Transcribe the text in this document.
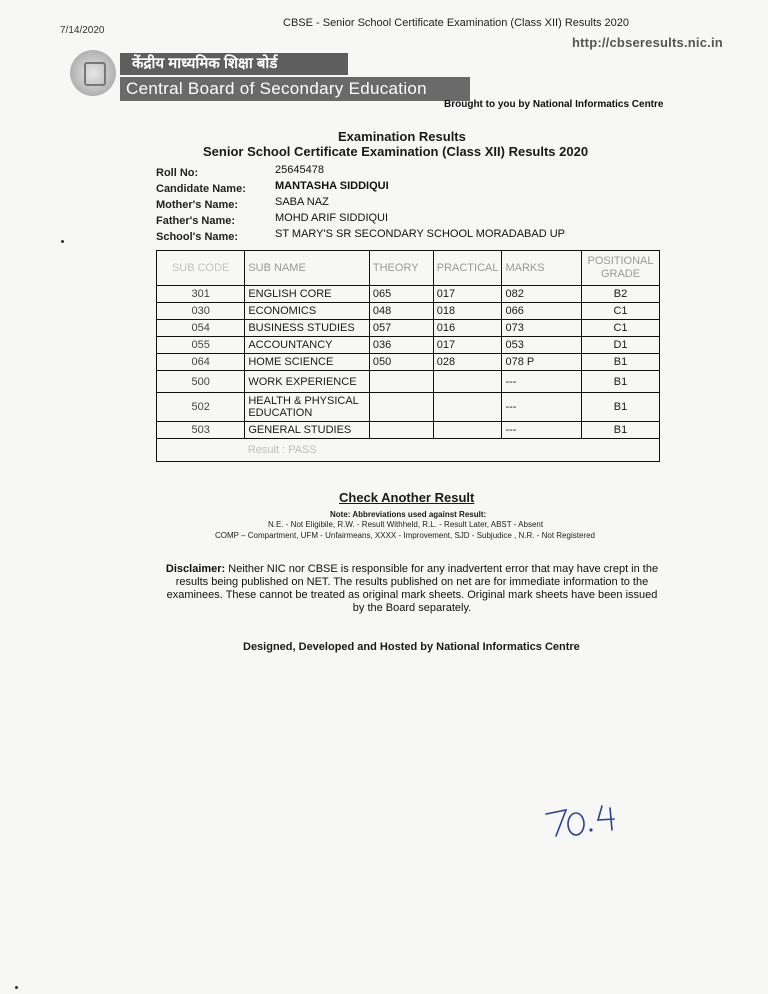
7/14/2020
CBSE - Senior School Certificate Examination (Class XII) Results 2020
http://cbseresults.nic.in
केंद्रीय माध्यमिक शिक्षा बोर्ड
Central Board of Secondary Education
Brought to you by National Informatics Centre
Examination Results
Senior School Certificate Examination (Class XII) Results 2020
Roll No:	25645478
Candidate Name:	MANTASHA SIDDIQUI
Mother's Name:	SABA NAZ
Father's Name:	MOHD ARIF SIDDIQUI
School's Name:	ST MARY'S SR SECONDARY SCHOOL MORADABAD UP
SUB CODE	SUB NAME	THEORY	PRACTICAL	MARKS	POSITIONAL
GRADE
301	ENGLISH CORE	065	017	082	B2
030	ECONOMICS	048	018	066	C1
054	BUSINESS STUDIES	057	016	073	C1
055	ACCOUNTANCY	036	017	053	D1
064	HOME SCIENCE	050	028	078 P	B1
500	WORK EXPERIENCE			---	B1
502	HEALTH & PHYSICAL EDUCATION			---	B1
503	GENERAL STUDIES			---	B1
	Result : PASS				
Check Another Result
Note: Abbreviations used against Result:
N.E. - Not Eligibile, R.W. - Result Withheld, R.L. - Result Later, ABST - Absent
COMP – Compartment, UFM - Unfairmeans, XXXX - Improvement, SJD - Subjudice , N.R. - Not Registered
Disclaimer: Neither NIC nor CBSE is responsible for any inadvertent error that may have crept in the results being published on NET. The results published on net are for immediate information to the examinees. These cannot be treated as original mark sheets. Original mark sheets have been issued by the Board separately.
Designed, Developed and Hosted by National Informatics Centre
